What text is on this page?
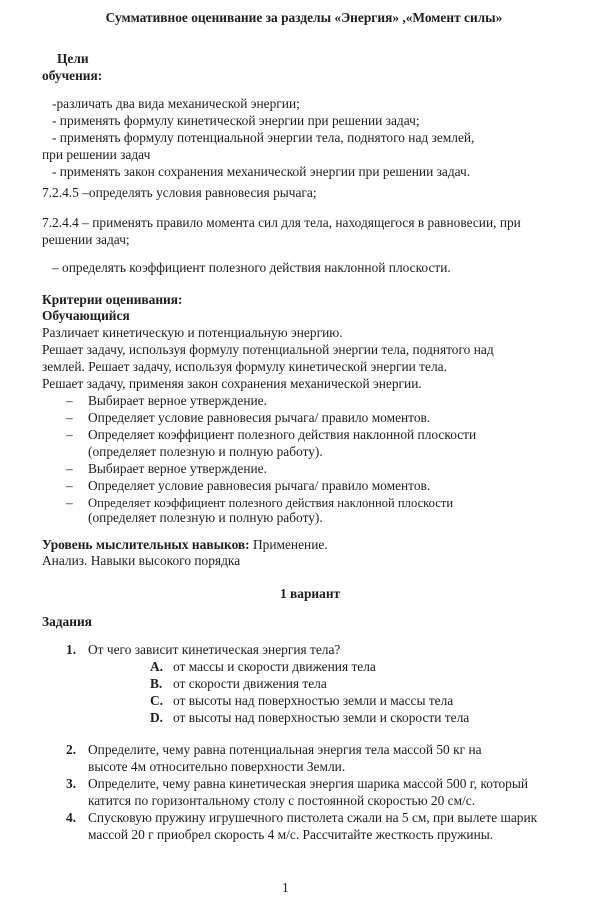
Суммативное оценивание за разделы «Энергия» ,«Момент силы»
Цели
обучения:
-различать два вида механической энергии;
- применять формулу кинетической энергии при решении задач;
- применять формулу потенциальной энергии тела, поднятого над землей,
при решении задач
- применять закон сохранения механической энергии при решении задач.
7.2.4.5 –определять условия равновесия рычага;
7.2.4.4 – применять правило момента сил для тела, находящегося в равновесии, при
решении задач;
– определять коэффициент полезного действия наклонной плоскости.
Критерии оценивания:
Обучающийся
Различает кинетическую и потенциальную энергию.
Решает задачу, используя формулу потенциальной энергии тела, поднятого над
землей. Решает задачу, используя формулу кинетической энергии тела.
Решает задачу, применяя закон сохранения механической энергии.
– Выбирает верное утверждение.
– Определяет условие равновесия рычага/ правило моментов.
– Определяет коэффициент полезного действия наклонной плоскости
(определяет полезную и полную работу).
– Выбирает верное утверждение.
– Определяет условие равновесия рычага/ правило моментов.
– Определяет коэффициент полезного действия наклонной плоскости
(определяет полезную и полную работу).
Уровень мыслительных навыков: Применение.
Анализ. Навыки высокого порядка
1 вариант
Задания
1. От чего зависит кинетическая энергия тела?
A. от массы и скорости движения тела
B. от скорости движения тела
C. от высоты над поверхностью земли и массы тела
D. от высоты над поверхностью земли и скорости тела
2. Определите, чему равна потенциальная энергия тела массой 50 кг на
высоте 4м относительно поверхности Земли.
3. Определите, чему равна кинетическая энергия шарика массой 500 г, который
катится по горизонтальному столу с постоянной скоростью 20 см/с.
4. Спусковую пружину игрушечного пистолета сжали на 5 см, при вылете шарик
массой 20 г приобрел скорость 4 м/с. Рассчитайте жесткость пружины.
1
